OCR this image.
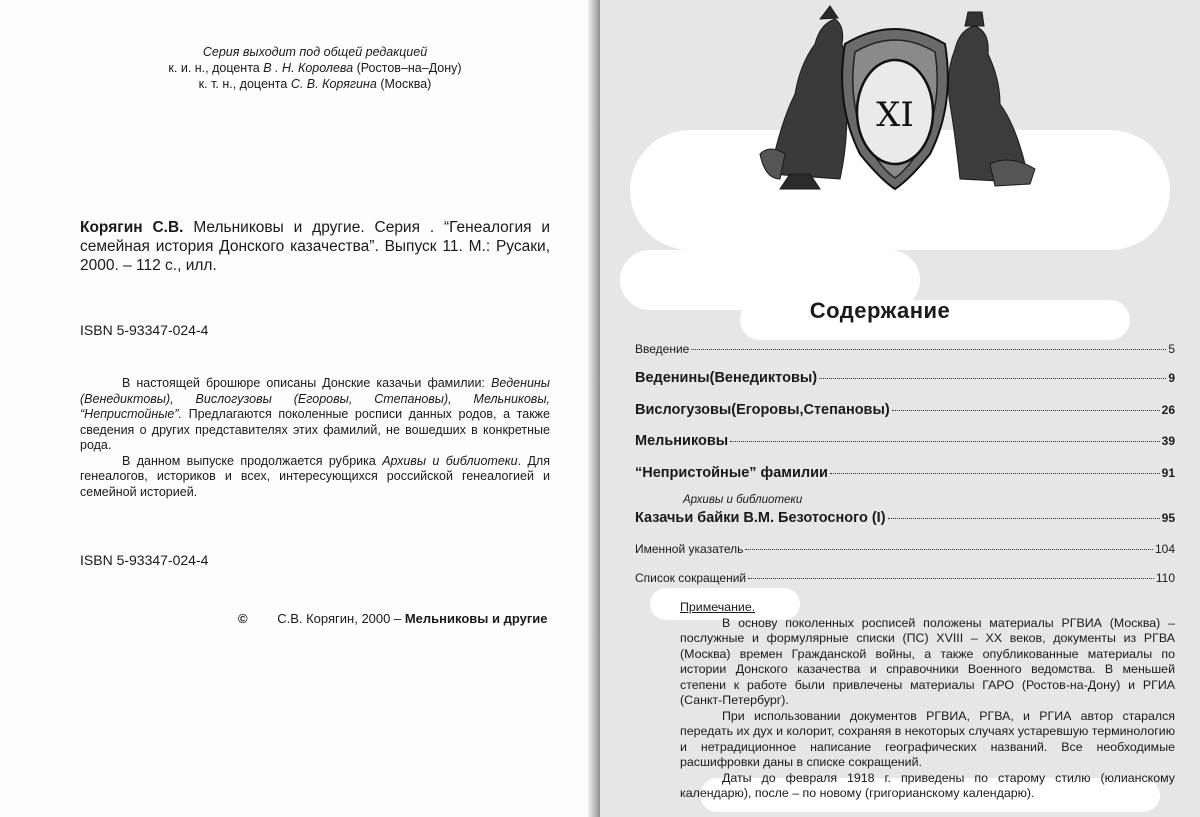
Серия выходит под общей редакцией
к. и. н., доцента В . Н. Королева (Ростов–на–Дону)
к. т. н., доцента С. В. Корягина (Москва)
Корягин С.В. Мельниковы и другие. Серия . “Генеалогия и семейная история Донского казачества”. Выпуск 11. М.: Русаки, 2000. – 112 с., илл.
ISBN 5-93347-024-4

В настоящей брошюре описаны Донские казачьи фамилии: Веденины (Венедиктовы), Вислогузовы (Егоровы, Степановы), Мельниковы, “Непристойные”. Предлагаются поколенные росписи данных родов, а также сведения о других представителях этих фамилий, не вошедших в конкретные рода.

В данном выпуске продолжается рубрика Архивы и библиотеки. Для генеалогов, историков и всех, интересующихся российской генеалогией и семейной историей.

ISBN 5-93347-024-4
© С.В. Корягин, 2000 – Мельниковы и другие
XI
Содержание
Введение	5
Веденины(Венедиктовы)	9
Вислогузовы(Егоровы,Степановы)	26
Мельниковы	39
“Непристойные” фамилии	91
Архивы и библиотеки
Казачьи байки В.М. Безотосного (I)	95
Именной указатель	104
Список сокращений	110
Примечание.

В основу поколенных росписей положены материалы РГВИА (Москва) – послужные и формулярные списки (ПС) XVIII – XX веков, документы из РГВА (Москва) времен Гражданской войны, а также опубликованные материалы по истории Донского казачества и справочники Военного ведомства. В меньшей степени к работе были привлечены материалы ГАРО (Ростов-на-Дону) и РГИА (Санкт-Петербург).

При использовании документов РГВИА, РГВА, и РГИА автор старался передать их дух и колорит, сохраняя в некоторых случаях устаревшую терминологию и нетрадиционное написание географических названий. Все необходимые расшифровки даны в списке сокращений.

Даты до февраля 1918 г. приведены по старому стилю (юлианскому календарю), после – по новому (григорианскому календарю).
